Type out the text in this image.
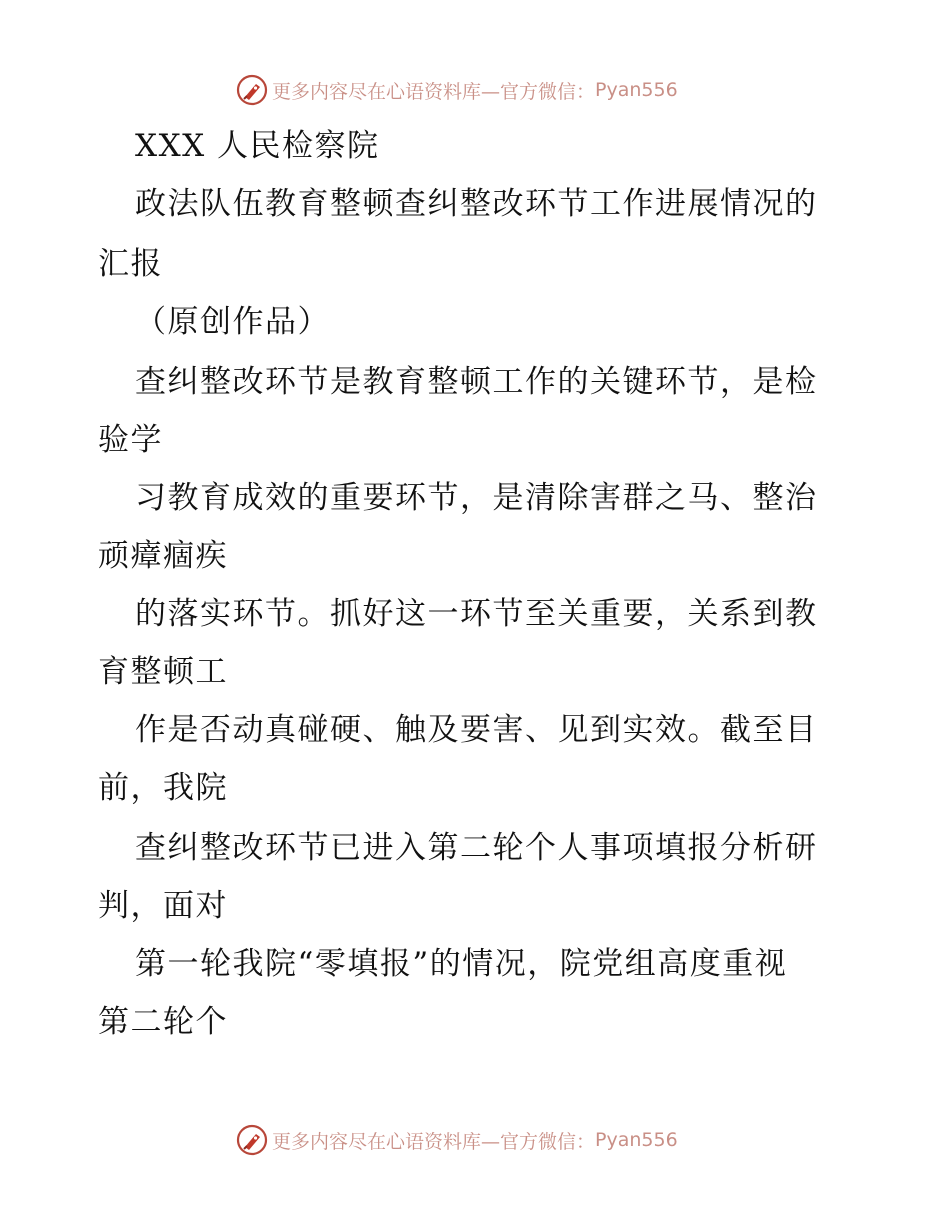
更多内容尽在心语资料库—官方微信： Pyan556
XXX 人民检察院
政法队伍教育整顿查纠整改环节工作进展情况的
汇报
（原创作品）
查纠整改环节是教育整顿工作的关键环节，是检
验学
习教育成效的重要环节，是清除害群之马、整治
顽瘴痼疾
的落实环节。抓好这一环节至关重要，关系到教
育整顿工
作是否动真碰硬、触及要害、见到实效。截至目
前，我院
查纠整改环节已进入第二轮个人事项填报分析研
判，面对
第一轮我院“零填报”的情况，院党组高度重视
第二轮个
更多内容尽在心语资料库—官方微信： Pyan556
